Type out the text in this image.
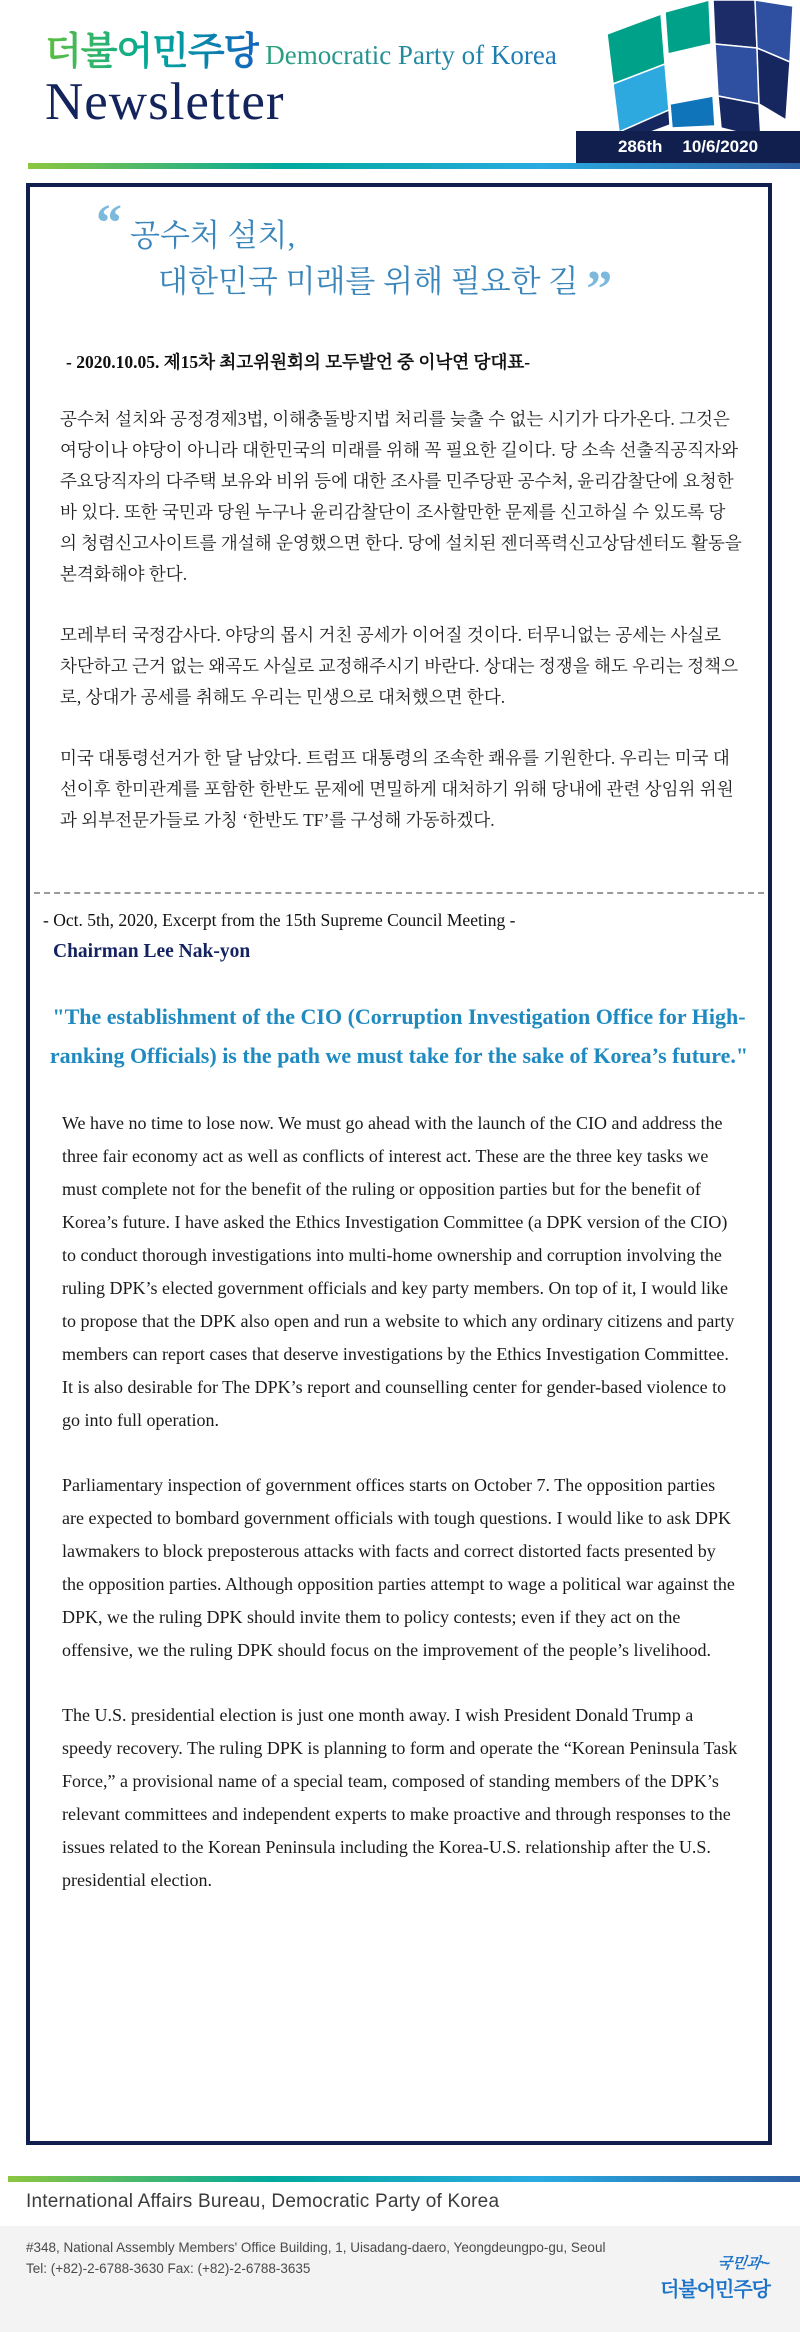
더불어민주당 Democratic Party of Korea
Newsletter
286th 10/6/2020
“ 공수처 설치,
대한민국 미래를 위해 필요한 길 ”
- 2020.10.05. 제15차 최고위원회의 모두발언 중 이낙연 당대표-

공수처 설치와 공정경제3법, 이해충돌방지법 처리를 늦출 수 없는 시기가 다가온다. 그것은 여당이나 야당이 아니라 대한민국의 미래를 위해 꼭 필요한 길이다. 당 소속 선출직공직자와 주요당직자의 다주택 보유와 비위 등에 대한 조사를 민주당판 공수처, 윤리감찰단에 요청한 바 있다. 또한 국민과 당원 누구나 윤리감찰단이 조사할만한 문제를 신고하실 수 있도록 당의 청렴신고사이트를 개설해 운영했으면 한다. 당에 설치된 젠더폭력신고상담센터도 활동을 본격화해야 한다.

모레부터 국정감사다. 야당의 몹시 거친 공세가 이어질 것이다. 터무니없는 공세는 사실로 차단하고 근거 없는 왜곡도 사실로 교정해주시기 바란다. 상대는 정쟁을 해도 우리는 정책으로, 상대가 공세를 취해도 우리는 민생으로 대처했으면 한다.

미국 대통령선거가 한 달 남았다. 트럼프 대통령의 조속한 쾌유를 기원한다. 우리는 미국 대선이후 한미관계를 포함한 한반도 문제에 면밀하게 대처하기 위해 당내에 관련 상임위 위원과 외부전문가들로 가칭 ‘한반도 TF’를 구성해 가동하겠다.

- Oct. 5th, 2020, Excerpt from the 15th Supreme Council Meeting -
Chairman Lee Nak-yon
"The establishment of the CIO (Corruption Investigation Office for High-ranking Officials) is the path we must take for the sake of Korea’s future."

We have no time to lose now. We must go ahead with the launch of the CIO and address the three fair economy act as well as conflicts of interest act. These are the three key tasks we must complete not for the benefit of the ruling or opposition parties but for the benefit of Korea’s future. I have asked the Ethics Investigation Committee (a DPK version of the CIO) to conduct thorough investigations into multi-home ownership and corruption involving the ruling DPK’s elected government officials and key party members. On top of it, I would like to propose that the DPK also open and run a website to which any ordinary citizens and party members can report cases that deserve investigations by the Ethics Investigation Committee. It is also desirable for The DPK’s report and counselling center for gender-based violence to go into full operation.

Parliamentary inspection of government offices starts on October 7. The opposition parties are expected to bombard government officials with tough questions. I would like to ask DPK lawmakers to block preposterous attacks with facts and correct distorted facts presented by the opposition parties. Although opposition parties attempt to wage a political war against the DPK, we the ruling DPK should invite them to policy contests; even if they act on the offensive, we the ruling DPK should focus on the improvement of the people’s livelihood.

The U.S. presidential election is just one month away. I wish President Donald Trump a speedy recovery. The ruling DPK is planning to form and operate the “Korean Peninsula Task Force,” a provisional name of a special team, composed of standing members of the DPK’s relevant committees and independent experts to make proactive and through responses to the issues related to the Korean Peninsula including the Korea-U.S. relationship after the U.S. presidential election.

International Affairs Bureau, Democratic Party of Korea
#348, National Assembly Members' Office Building, 1, Uisadang-daero, Yeongdeungpo-gu, Seoul
Tel: (+82)-2-6788-3630 Fax: (+82)-2-6788-3635	국민과~
더불어민주당
